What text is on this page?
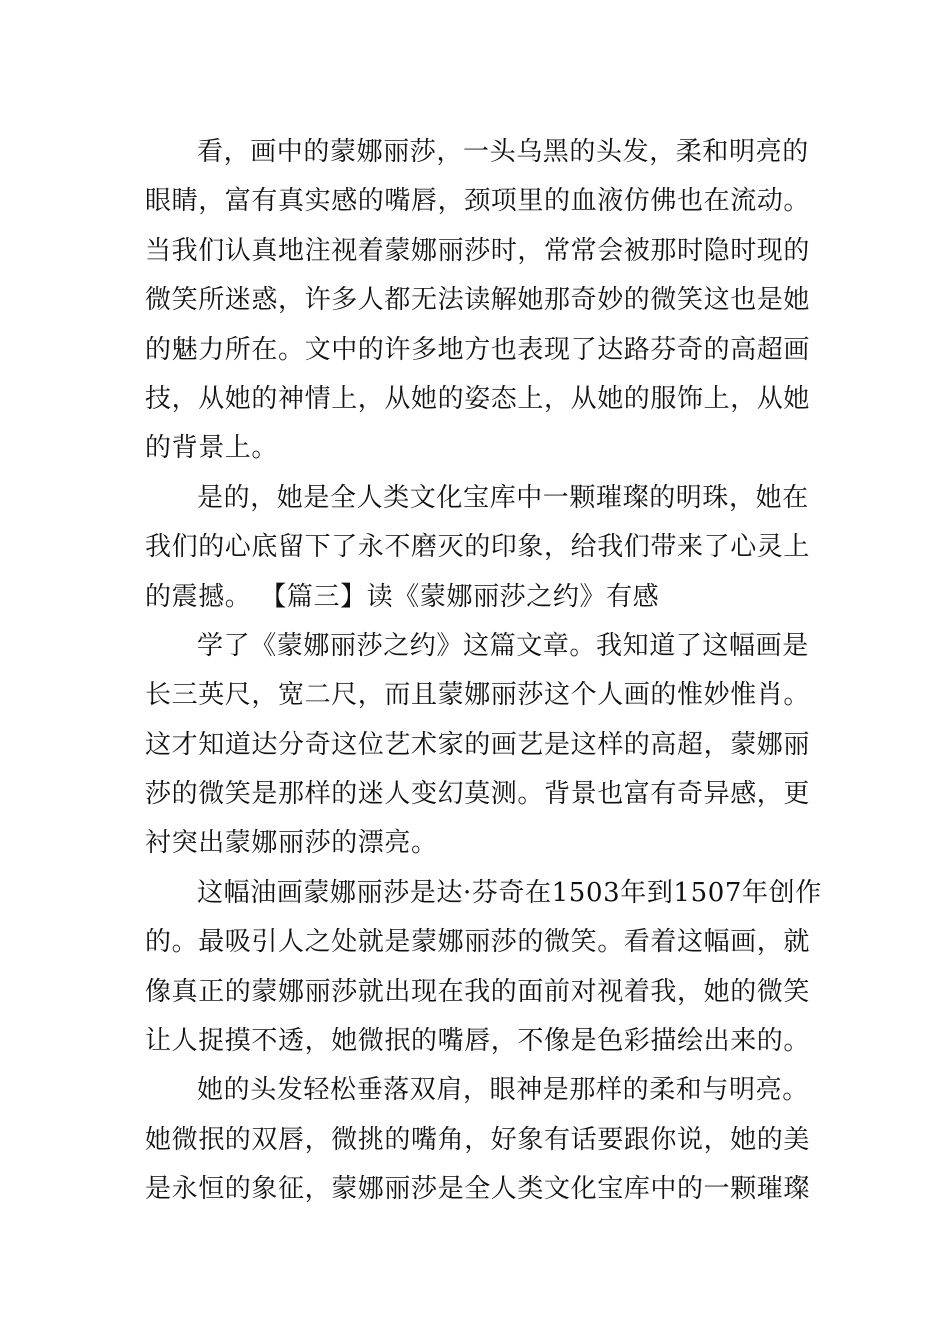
看，画中的蒙娜丽莎，一头乌黑的头发，柔和明亮的
眼睛，富有真实感的嘴唇，颈项里的血液仿佛也在流动。
当我们认真地注视着蒙娜丽莎时，常常会被那时隐时现的
微笑所迷惑，许多人都无法读解她那奇妙的微笑这也是她
的魅力所在。文中的许多地方也表现了达路芬奇的高超画
技，从她的神情上，从她的姿态上，从她的服饰上，从她
的背景上。
是的，她是全人类文化宝库中一颗璀璨的明珠，她在
我们的心底留下了永不磨灭的印象，给我们带来了心灵上
的震撼。 【篇三】读《蒙娜丽莎之约》有感
学了《蒙娜丽莎之约》这篇文章。我知道了这幅画是
长三英尺，宽二尺，而且蒙娜丽莎这个人画的惟妙惟肖。
这才知道达分奇这位艺术家的画艺是这样的高超，蒙娜丽
莎的微笑是那样的迷人变幻莫测。背景也富有奇异感，更
衬突出蒙娜丽莎的漂亮。
这幅油画蒙娜丽莎是达·芬奇在1503年到1507年创作
的。最吸引人之处就是蒙娜丽莎的微笑。看着这幅画，就
像真正的蒙娜丽莎就出现在我的面前对视着我，她的微笑
让人捉摸不透，她微抿的嘴唇，不像是色彩描绘出来的。
她的头发轻松垂落双肩，眼神是那样的柔和与明亮。
她微抿的双唇，微挑的嘴角，好象有话要跟你说，她的美
是永恒的象征，蒙娜丽莎是全人类文化宝库中的一颗璀璨
